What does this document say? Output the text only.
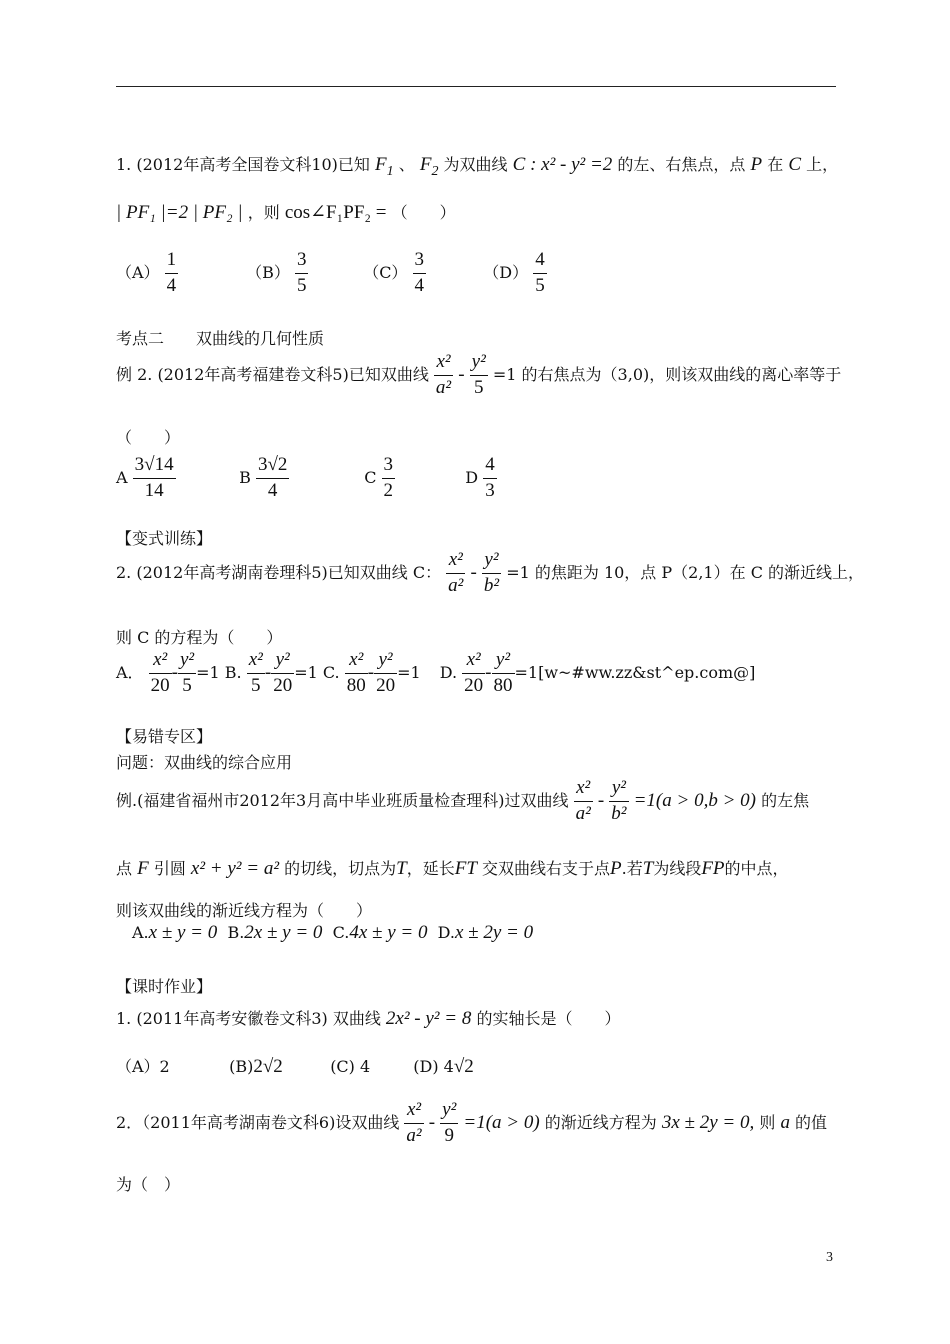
1. (2012年高考全国卷文科10)已知 $F_1$ 、 $F_2$ 为双曲线 C : x² - y² =2 的左、右焦点，点 P 在 C 上，
| PF₁ |=2 | PF₂ | ，则 cos∠F₁PF₂ = （　　）
$(A) \frac{1}{4}$	$(B) \frac{3}{5}$	$(C) \frac{3}{4}$	$(D) \frac{4}{5}$
考点二　　双曲线的几何性质
例 2. (2012年高考福建卷文科5)已知双曲线 $\frac{\text{x²}}{\text{a²}} - \frac{\text{y²}}{5} =1$ 的右焦点为（3,0)，则该双曲线的离心率等于
（　　）
A $\frac{3√14}{14}$	B $\frac{3√2}{4}$	C $\frac{3}{2}$	D $\frac{4}{3}$
【变式训练】
2. (2012年高考湖南卷理科5)已知双曲线 C： $\frac{\text{x²}}{\text{a²}} - \frac{\text{y²}}{\text{b²}} =1$ 的焦距为 10，点 P（2,1）在 C 的渐近线上，
则 C 的方程为（　　）
A． $\frac{\text{x²}}{20} - \frac{\text{y²}}{5} =1$ B. $\frac{\text{x²}}{5} - \frac{\text{y²}}{20} =1$ C. $\frac{\text{x²}}{80} - \frac{\text{y²}}{20} =1$ D. $\frac{\text{x²}}{20} - \frac{\text{y²}}{80}$ =1[w~#ww.zz&st^ep.com@]
【易错专区】
问题：双曲线的综合应用
例.(福建省福州市2012年3月高中毕业班质量检查理科)过双曲线 $\frac{\text{x²}}{\text{a²}} - \frac{\text{y²}}{\text{b²}} =1(a > 0,b > 0)$ 的左焦
点 F 引圆 x² + y² = a² 的切线，切点为T，延长FT 交双曲线右支于点P.若T为线段FP的中点，
则该双曲线的渐近线方程为（　　）
A.x ± y = 0 B.2x ± y = 0 C.4x ± y = 0 D.x ± 2y = 0
【课时作业】
1. (2011年高考安徽卷文科3) 双曲线 2x² - y² = 8 的实轴长是（　　）
（A）2	(B)2√2	(C) 4	(D) 4√2
2．（2011年高考湖南卷文科6)设双曲线 $\frac{\text{x²}}{\text{a²}} - \frac{\text{y²}}{9} =1(a > 0)$ 的渐近线方程为 3x ± 2y = 0, 则 a 的值
为（　）
3
